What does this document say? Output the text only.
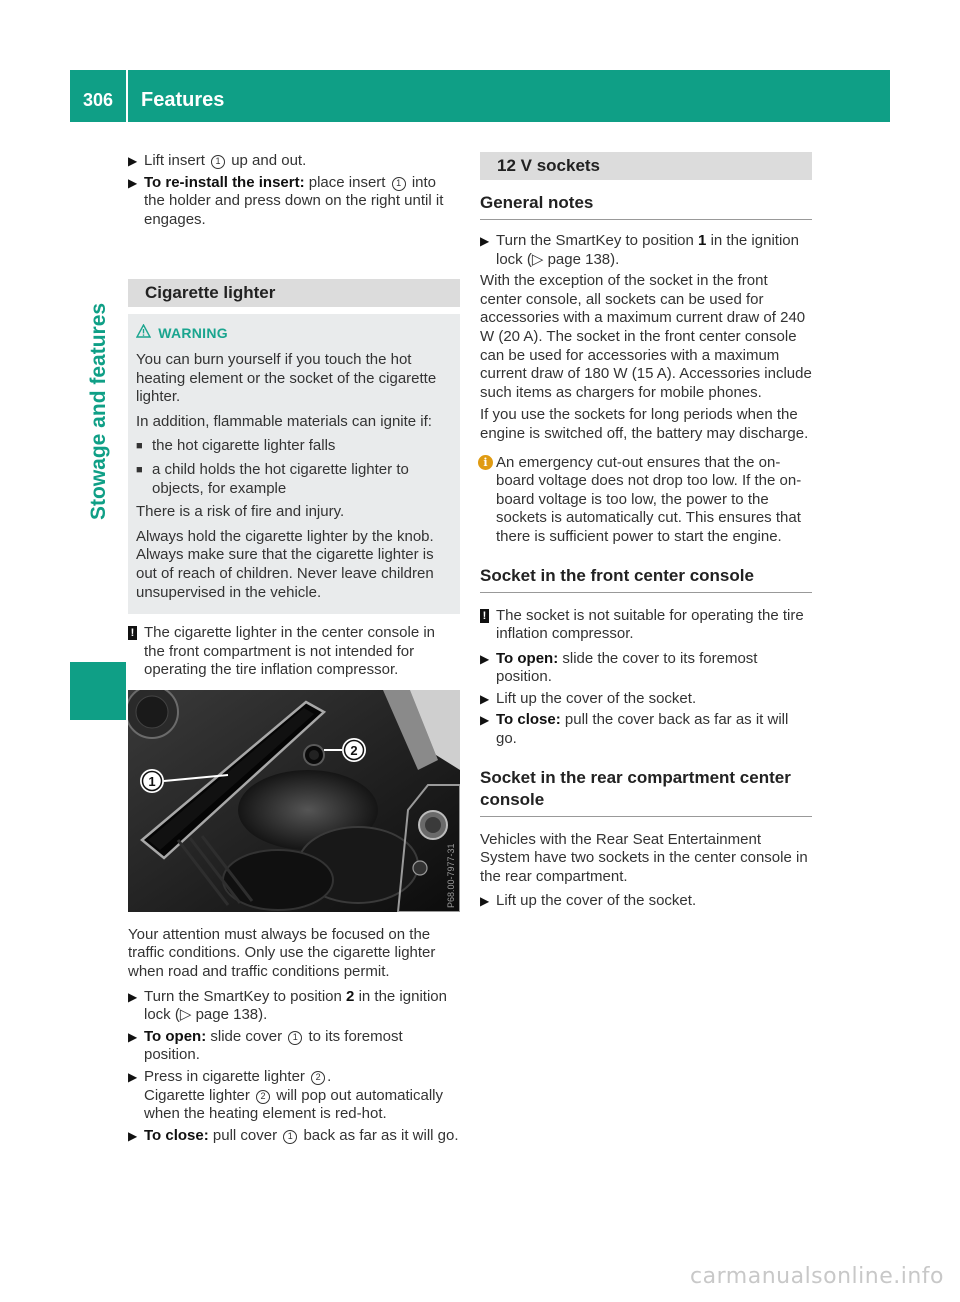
306	Features
Stowage and features
▶ Lift insert 1 up and out.
▶ To re-install the insert: place insert 1 into the holder and press down on the right until it engages.
Cigarette lighter
WARNING

You can burn yourself if you touch the hot heating element or the socket of the cigarette lighter.

In addition, flammable materials can ignite if:

■ the hot cigarette lighter falls
■ a child holds the hot cigarette lighter to objects, for example

There is a risk of fire and injury.

Always hold the cigarette lighter by the knob. Always make sure that the cigarette lighter is out of reach of children. Never leave children unsupervised in the vehicle.

! The cigarette lighter in the center console in the front compartment is not intended for operating the tire inflation compressor.
1
2
P68.00-7977-31

Your attention must always be focused on the traffic conditions. Only use the cigarette lighter when road and traffic conditions permit.

▶ Turn the SmartKey to position 2 in the ignition lock (▷ page 138).
▶ To open: slide cover 1 to its foremost position.
▶ Press in cigarette lighter 2 .
Cigarette lighter 2 will pop out automatically when the heating element is red-hot.
▶ To close: pull cover 1 back as far as it will go.
12 V sockets
General notes
▶ Turn the SmartKey to position 1 in the ignition lock (▷ page 138).

With the exception of the socket in the front center console, all sockets can be used for accessories with a maximum current draw of 240 W (20 A). The socket in the front center console can be used for accessories with a maximum current draw of 180 W (15 A). Accessories include such items as chargers for mobile phones.

If you use the sockets for long periods when the engine is switched off, the battery may discharge.

i An emergency cut-out ensures that the on-board voltage does not drop too low. If the on-board voltage is too low, the power to the sockets is automatically cut. This ensures that there is sufficient power to start the engine.
Socket in the front center console
! The socket is not suitable for operating the tire inflation compressor.
▶ To open: slide the cover to its foremost position.
▶ Lift up the cover of the socket.
▶ To close: pull the cover back as far as it will go.
Socket in the rear compartment center console

Vehicles with the Rear Seat Entertainment System have two sockets in the center console in the rear compartment.

▶ Lift up the cover of the socket.
carmanualsonline.info
